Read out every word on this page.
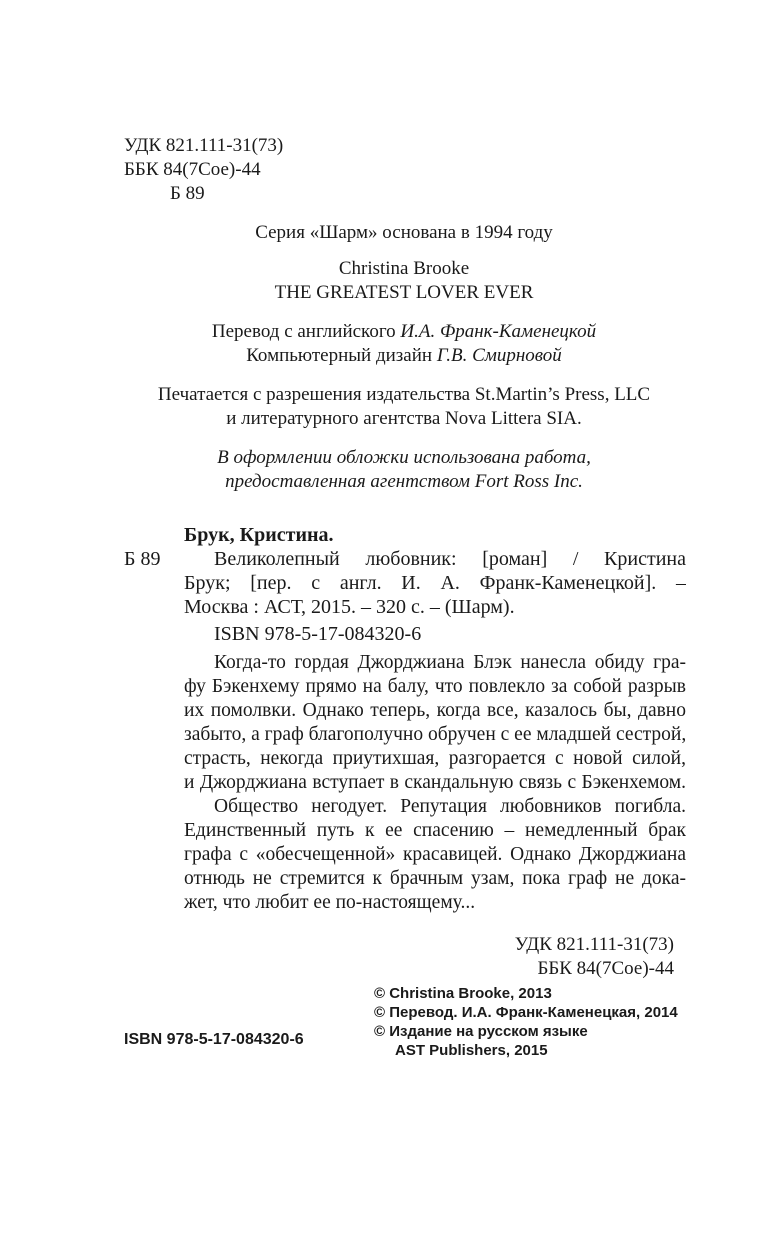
УДК 821.111-31(73)
ББК 84(7Сое)-44
Б 89
Серия «Шарм» основана в 1994 году
Christina Brooke
THE GREATEST LOVER EVER
Перевод с английского И.А. Франк-Каменецкой
Компьютерный дизайн Г.В. Смирновой
Печатается с разрешения издательства St.Martin’s Press, LLC
и литературного агентства Nova Littera SIA.
В оформлении обложки использована работа,
предоставленная агентством Fort Ross Inc.
Брук, Кристина.
Б 89	Великолепный любовник: [роман] / Кристина
Брук; [пер. с англ. И. А. Франк-Каменецкой]. –
Москва : АСТ, 2015. – 320 с. – (Шарм).
ISBN 978-5-17-084320-6
Когда-то гордая Джорджиана Блэк нанесла обиду гра-
фу Бэкенхему прямо на балу, что повлекло за собой разрыв
их помолвки. Однако теперь, когда все, казалось бы, давно
забыто, а граф благополучно обручен с ее младшей сестрой,
страсть, некогда приутихшая, разгорается с новой силой,
и Джорджиана вступает в скандальную связь с Бэкенхемом.
Общество негодует. Репутация любовников погибла.
Единственный путь к ее спасению – немедленный брак
графа с «обесчещенной» красавицей. Однако Джорджиана
отнюдь не стремится к брачным узам, пока граф не дока-
жет, что любит ее по-настоящему...
УДК 821.111-31(73)
ББК 84(7Сое)-44
ISBN 978-5-17-084320-6
© Christina Brooke, 2013
© Перевод. И.А. Франк-Каменецкая, 2014
© Издание на русском языке
AST Publishers, 2015
